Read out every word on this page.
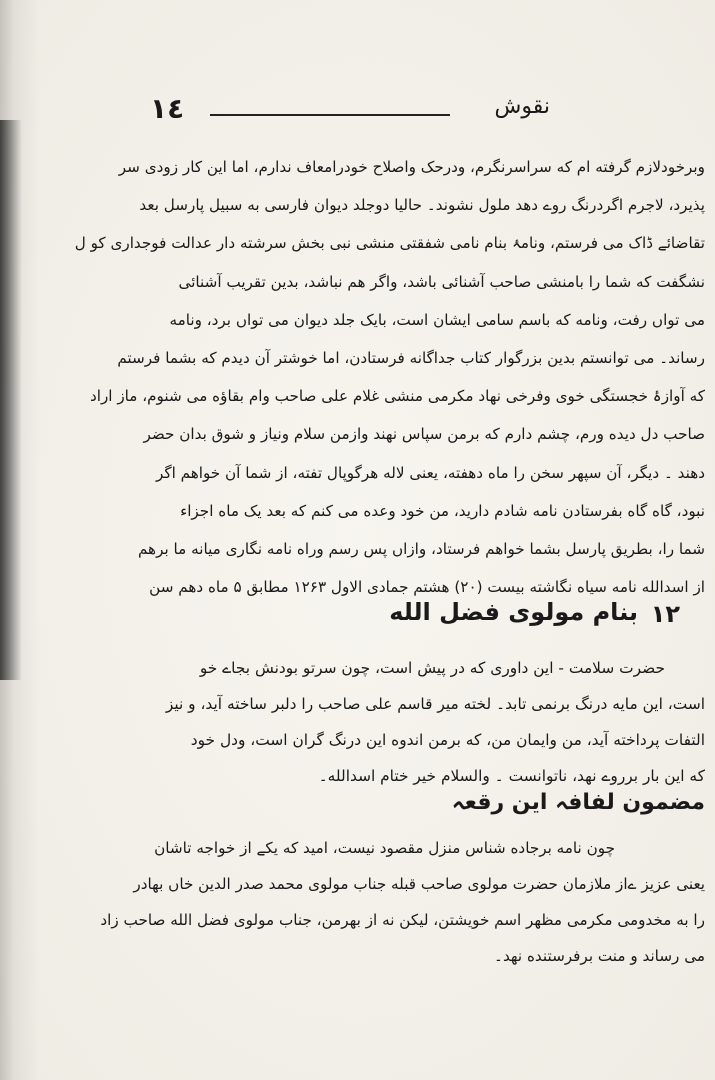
١٤	نقوش
وبرخودلازم گرفته ام که سراسرنگرم، ودرحک واصلاح خودرامعاف ندارم، اما این کار زودی سر
پذیرد، لاجرم اگردرنگ روے دهد ملول نشوند۔ حالیا دوجلد دیوان فارسی به سبیل پارسل بعد
تقاضائے ڈاک می فرستم، ونامۂ بنام نامی شفقتی منشی نبی بخش سرشته دار عدالت فوجداری کو ل
نشگفت که شما را بامنشی صاحب آشنائی باشد، واگر هم نباشد، بدین تقریب آشنائی
می تواں رفت، ونامه که باسم سامی ایشان است، بایک جلد دیوان می تواں برد، ونامه
رساند۔ می توانستم بدین بزرگوار کتاب جداگانه فرستادن، اما خوشتر آن دیدم که بشما فرستم
که آوازۂ خجستگی خوی وفرخی نهاد مکرمی منشی غلام علی صاحب وام بقاؤه می شنوم، ماز اراد
صاحب دل دیده ورم، چشم دارم که برمن سپاس نهند وازمن سلام ونیاز و شوق بدان حضر
دهند ۔ دیگر، آن سپهر سخن را ماه دهفته، یعنی لاله هرگوپال تفته، از شما آن خواهم اگر
نبود، گاه گاه بفرستادن نامه شادم دارید، من خود وعده می کنم که بعد یک ماه اجزاء
شما را، بطریق پارسل بشما خواهم فرستاد، وازاں پس رسم وراه نامه نگاری میانه ما برهم
از اسدالله نامه سیاه نگاشته بیست (۲۰) هشتم جمادی الاول ۱۲۶۳ مطابق ۵ ماه دهم سن
١٢
بنام مولوی فضل الله
حضرت سلامت - این داوری که در پیش است، چون سرتو بودنش بجاے خو
است، این مایه درنگ برنمی تابد۔ لخته میر قاسم علی صاحب را دلبر ساخته آید، و نیز
التفات پرداخته آید، من وایمان من، که برمن اندوه این درنگ گران است، ودل خود
که این بار برروے نهد، ناتوانست ۔ والسلام خیر ختام اسدالله۔
مضمون لفافہ این رقعہ
چون نامه برجاده شناس منزل مقصود نیست، امید که یکے از خواجه تاشان
یعنی عزیز ےاز ملازمان حضرت مولوی صاحب قبله جناب مولوی محمد صدر الدین خاں بهادر
را به مخدومی مکرمی مظهر اسم خویشتن، لیکن نه از بهرمن، جناب مولوی فضل الله صاحب زاد
می رساند و منت برفرستنده نهد۔
